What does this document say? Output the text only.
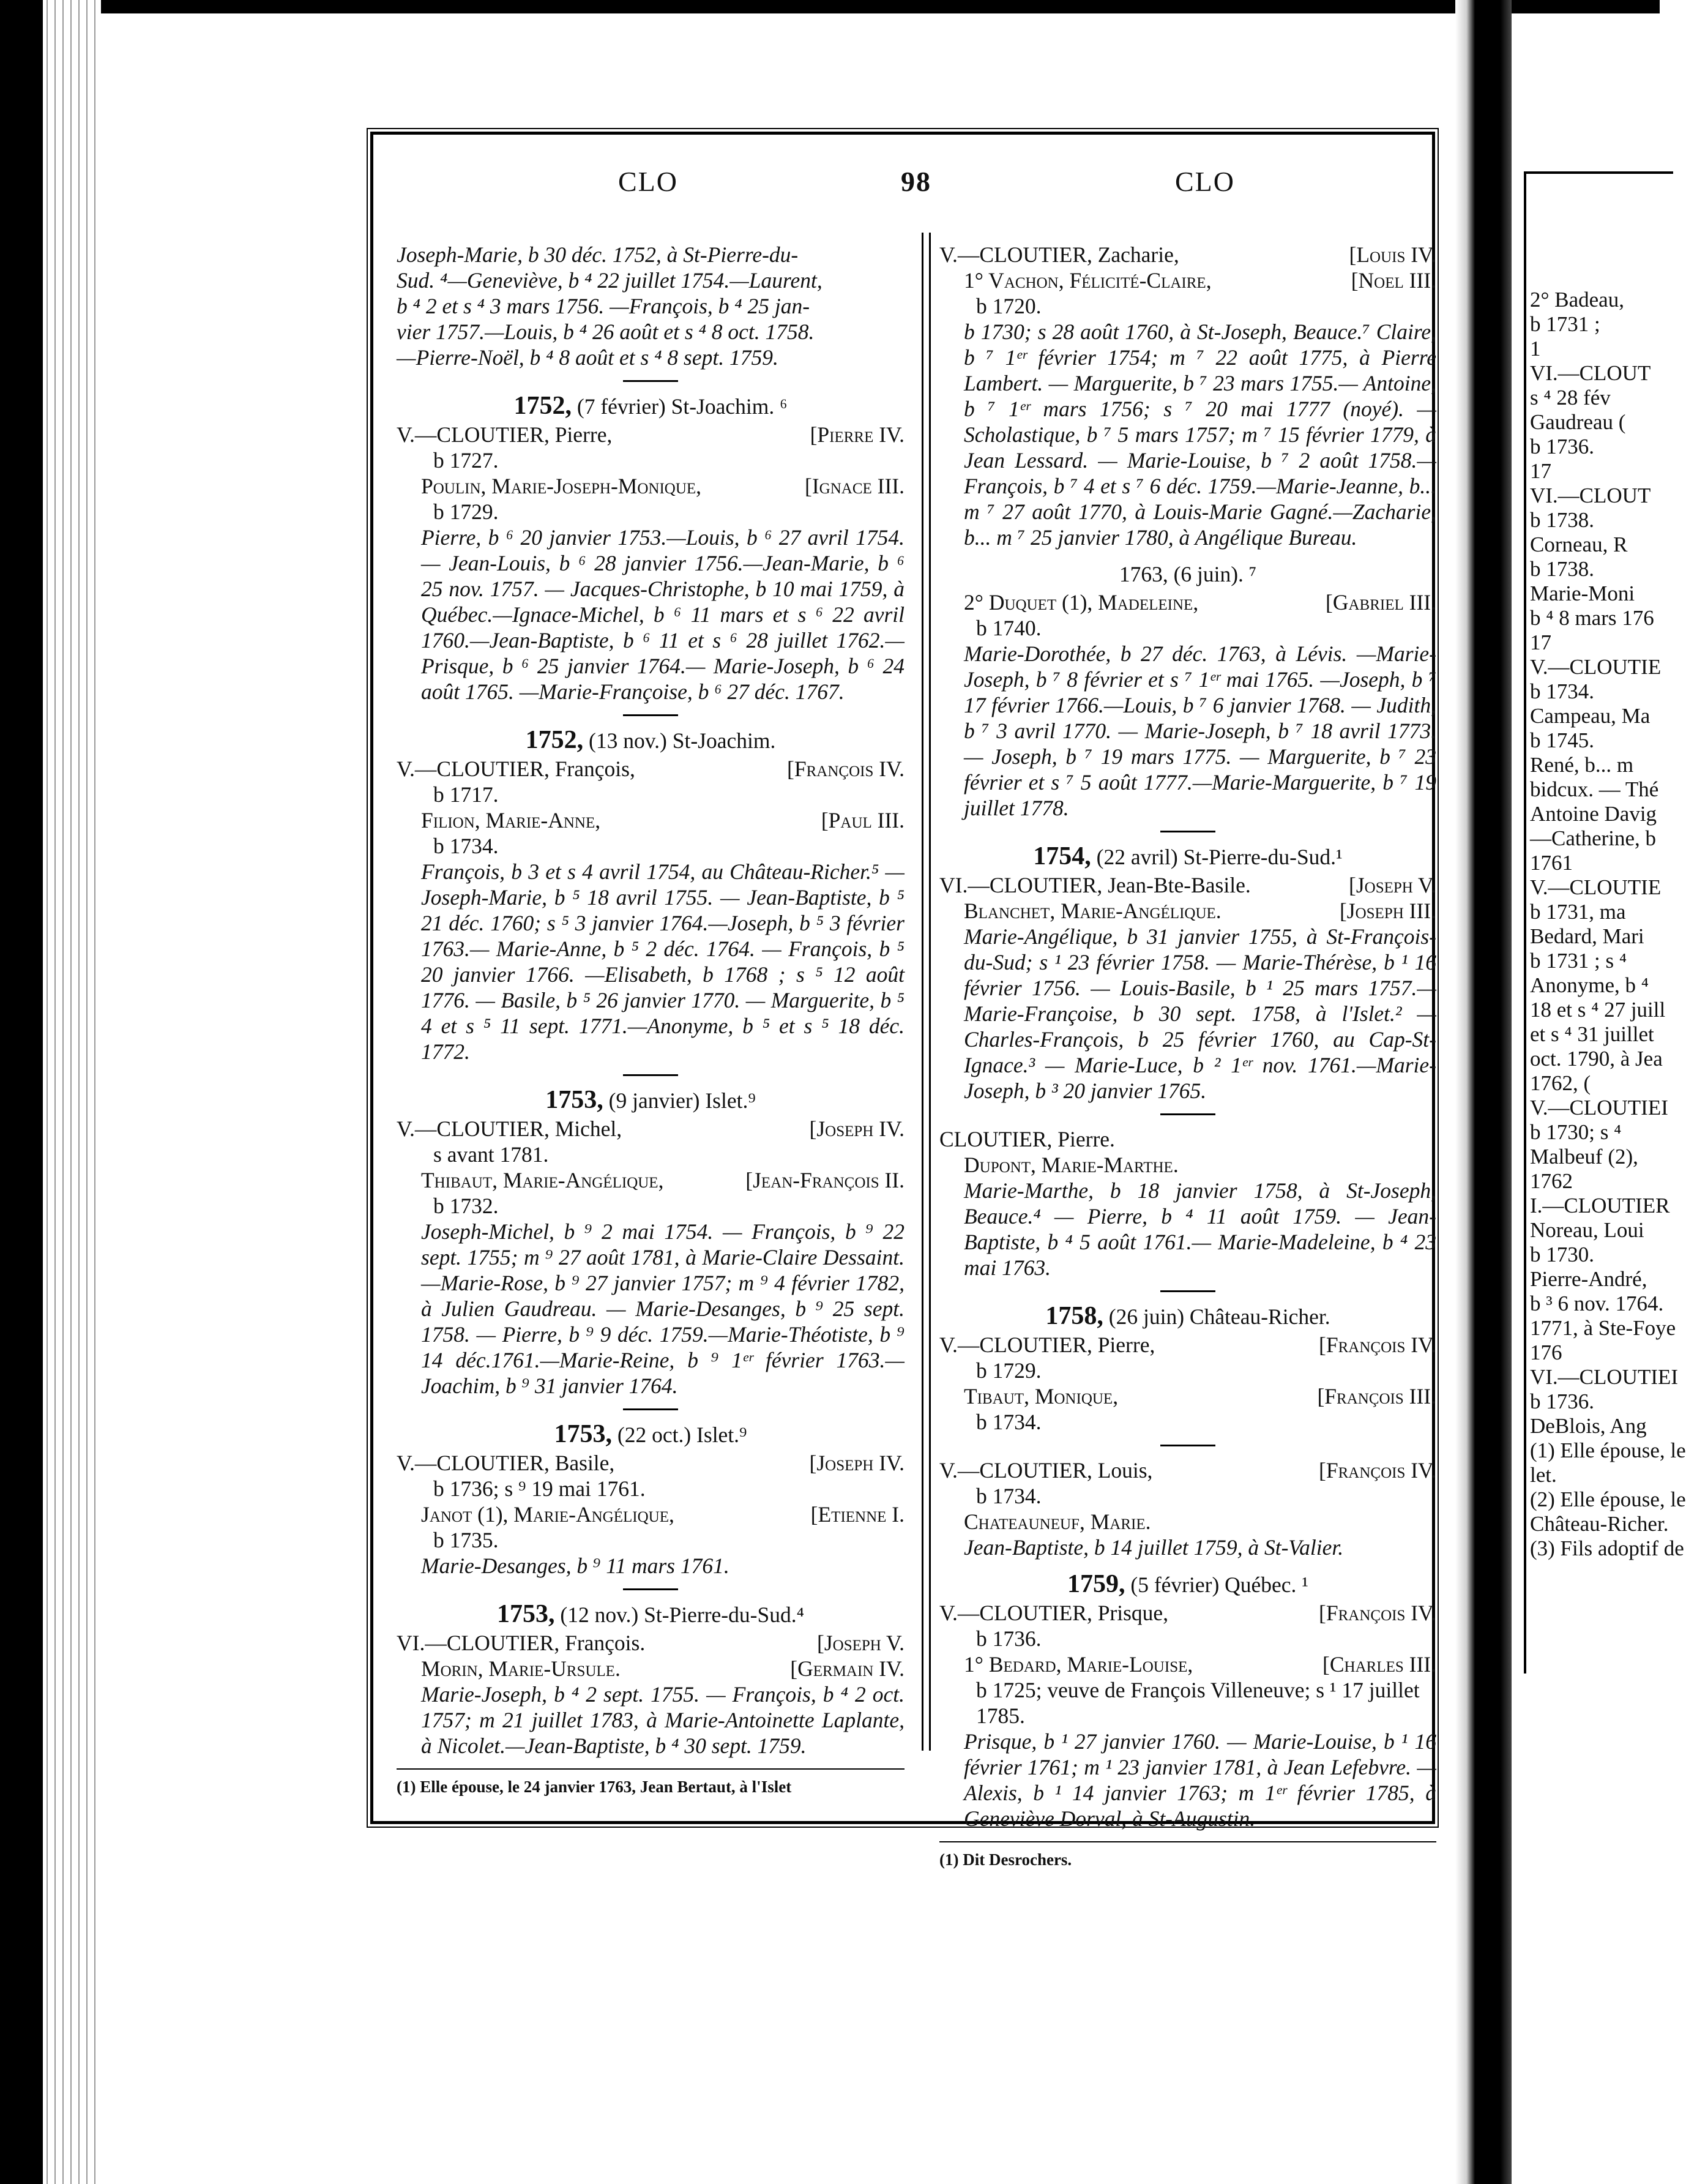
CLO	98	CLO

Joseph-Marie, b 30 déc. 1752, à St-Pierre-du-

Sud. ⁴—Geneviève, b ⁴ 22 juillet 1754.—Laurent,

b ⁴ 2 et s ⁴ 3 mars 1756. —François, b ⁴ 25 jan-

vier 1757.—Louis, b ⁴ 26 août et s ⁴ 8 oct. 1758.

—Pierre-Noël, b ⁴ 8 août et s ⁴ 8 sept. 1759.

1752, (7 février) St-Joachim. ⁶
V.—CLOUTIER, Pierre,	[Pierre IV.

b 1727.

Poulin, Marie-Joseph-Monique,	[Ignace III.

b 1729.

Pierre, b ⁶ 20 janvier 1753.—Louis, b ⁶ 27 avril 1754. — Jean-Louis, b ⁶ 28 janvier 1756.—Jean-Marie, b ⁶ 25 nov. 1757. — Jacques-Christophe, b 10 mai 1759, à Québec.—Ignace-Michel, b ⁶ 11 mars et s ⁶ 22 avril 1760.—Jean-Baptiste, b ⁶ 11 et s ⁶ 28 juillet 1762.— Prisque, b ⁶ 25 janvier 1764.— Marie-Joseph, b ⁶ 24 août 1765. —Marie-Françoise, b ⁶ 27 déc. 1767.

1752, (13 nov.) St-Joachim.
V.—CLOUTIER, François,	[François IV.

b 1717.

Filion, Marie-Anne,	[Paul III.

b 1734.

François, b 3 et s 4 avril 1754, au Château-Richer.⁵ — Joseph-Marie, b ⁵ 18 avril 1755. — Jean-Baptiste, b ⁵ 21 déc. 1760; s ⁵ 3 janvier 1764.—Joseph, b ⁵ 3 février 1763.— Marie-Anne, b ⁵ 2 déc. 1764. — François, b ⁵ 20 janvier 1766. —Elisabeth, b 1768 ; s ⁵ 12 août 1776. — Basile, b ⁵ 26 janvier 1770. — Marguerite, b ⁵ 4 et s ⁵ 11 sept. 1771.—Anonyme, b ⁵ et s ⁵ 18 déc. 1772.

1753, (9 janvier) Islet.⁹
V.—CLOUTIER, Michel,	[Joseph IV.

s avant 1781.

Thibaut, Marie-Angélique,	[Jean-François II.

b 1732.

Joseph-Michel, b ⁹ 2 mai 1754. — François, b ⁹ 22 sept. 1755; m ⁹ 27 août 1781, à Marie-Claire Dessaint.—Marie-Rose, b ⁹ 27 janvier 1757; m ⁹ 4 février 1782, à Julien Gaudreau. — Marie-Desanges, b ⁹ 25 sept. 1758. — Pierre, b ⁹ 9 déc. 1759.—Marie-Théotiste, b ⁹ 14 déc.1761.—Marie-Reine, b ⁹ 1ᵉʳ février 1763.—Joachim, b ⁹ 31 janvier 1764.

1753, (22 oct.) Islet.⁹
V.—CLOUTIER, Basile,	[Joseph IV.

b 1736; s ⁹ 19 mai 1761.

Janot (1), Marie-Angélique,	[Etienne I.

b 1735.

Marie-Desanges, b ⁹ 11 mars 1761.

1753, (12 nov.) St-Pierre-du-Sud.⁴
VI.—CLOUTIER, François.	[Joseph V.
Morin, Marie-Ursule.	[Germain IV.

Marie-Joseph, b ⁴ 2 sept. 1755. — François, b ⁴ 2 oct. 1757; m 21 juillet 1783, à Marie-Antoinette Laplante, à Nicolet.—Jean-Baptiste, b ⁴ 30 sept. 1759.

(1) Elle épouse, le 24 janvier 1763, Jean Bertaut, à l'Islet

V.—CLOUTIER, Zacharie,	[Louis IV.
1° Vachon, Félicité-Claire,	[Noel III.

b 1720.

b 1730; s 28 août 1760, à St-Joseph, Beauce.⁷ Claire, b ⁷ 1ᵉʳ février 1754; m ⁷ 22 août 1775, à Pierre Lambert. — Marguerite, b ⁷ 23 mars 1755.— Antoine, b ⁷ 1ᵉʳ mars 1756; s ⁷ 20 mai 1777 (noyé). — Scholastique, b ⁷ 5 mars 1757; m ⁷ 15 février 1779, à Jean Lessard. — Marie-Louise, b ⁷ 2 août 1758.—François, b ⁷ 4 et s ⁷ 6 déc. 1759.—Marie-Jeanne, b... m ⁷ 27 août 1770, à Louis-Marie Gagné.—Zacharie, b... m ⁷ 25 janvier 1780, à Angélique Bureau.

1763, (6 juin). ⁷
2° Duquet (1), Madeleine,	[Gabriel III.

b 1740.

Marie-Dorothée, b 27 déc. 1763, à Lévis. —Marie-Joseph, b ⁷ 8 février et s ⁷ 1ᵉʳ mai 1765. —Joseph, b ⁷ 17 février 1766.—Louis, b ⁷ 6 janvier 1768. — Judith, b ⁷ 3 avril 1770. — Marie-Joseph, b ⁷ 18 avril 1773. — Joseph, b ⁷ 19 mars 1775. — Marguerite, b ⁷ 23 février et s ⁷ 5 août 1777.—Marie-Marguerite, b ⁷ 19 juillet 1778.

1754, (22 avril) St-Pierre-du-Sud.¹
VI.—CLOUTIER, Jean-Bte-Basile.	[Joseph V.
Blanchet, Marie-Angélique.	[Joseph III.

Marie-Angélique, b 31 janvier 1755, à St-François-du-Sud; s ¹ 23 février 1758. — Marie-Thérèse, b ¹ 16 février 1756. — Louis-Basile, b ¹ 25 mars 1757.—Marie-Françoise, b 30 sept. 1758, à l'Islet.² — Charles-François, b 25 février 1760, au Cap-St-Ignace.³ — Marie-Luce, b ² 1ᵉʳ nov. 1761.—Marie-Joseph, b ³ 20 janvier 1765.

CLOUTIER, Pierre.

Dupont, Marie-Marthe.

Marie-Marthe, b 18 janvier 1758, à St-Joseph, Beauce.⁴ — Pierre, b ⁴ 11 août 1759. — Jean-Baptiste, b ⁴ 5 août 1761.— Marie-Madeleine, b ⁴ 23 mai 1763.

1758, (26 juin) Château-Richer.
V.—CLOUTIER, Pierre,	[François IV.

b 1729.

Tibaut, Monique,	[François III.

b 1734.

V.—CLOUTIER, Louis,	[François IV.

b 1734.

Chateauneuf, Marie.

Jean-Baptiste, b 14 juillet 1759, à St-Valier.

1759, (5 février) Québec. ¹
V.—CLOUTIER, Prisque,	[François IV.

b 1736.

1° Bedard, Marie-Louise,	[Charles III.

b 1725; veuve de François Villeneuve; s ¹ 17 juillet 1785.

Prisque, b ¹ 27 janvier 1760. — Marie-Louise, b ¹ 16 février 1761; m ¹ 23 janvier 1781, à Jean Lefebvre. — Alexis, b ¹ 14 janvier 1763; m 1ᵉʳ février 1785, à Geneviève Dorval, à St-Augustin.

(1) Dit Desrochers.

2° Badeau,

b 1731 ;

1

VI.—CLOUT

s ⁴ 28 fév

Gaudreau (

b 1736.

17

VI.—CLOUT

b 1738.

Corneau, R

b 1738.

Marie-Moni

b ⁴ 8 mars 176

17

V.—CLOUTIE

b 1734.

Campeau, Ma

b 1745.

René, b... m

bidcux. — Thé

Antoine Davig

—Catherine, b

1761

V.—CLOUTIE

b 1731, ma

Bedard, Mari

b 1731 ; s ⁴

Anonyme, b ⁴

18 et s ⁴ 27 juill

et s ⁴ 31 juillet

oct. 1790, à Jea

1762, (

V.—CLOUTIEI

b 1730; s ⁴

Malbeuf (2),

1762

I.—CLOUTIER

Noreau, Loui

b 1730.

Pierre-André,

b ³ 6 nov. 1764.

1771, à Ste-Foye

176

VI.—CLOUTIEI

b 1736.

DeBlois, Ang

(1) Elle épouse, le

let.

(2) Elle épouse, le

Château-Richer.

(3) Fils adoptif de
